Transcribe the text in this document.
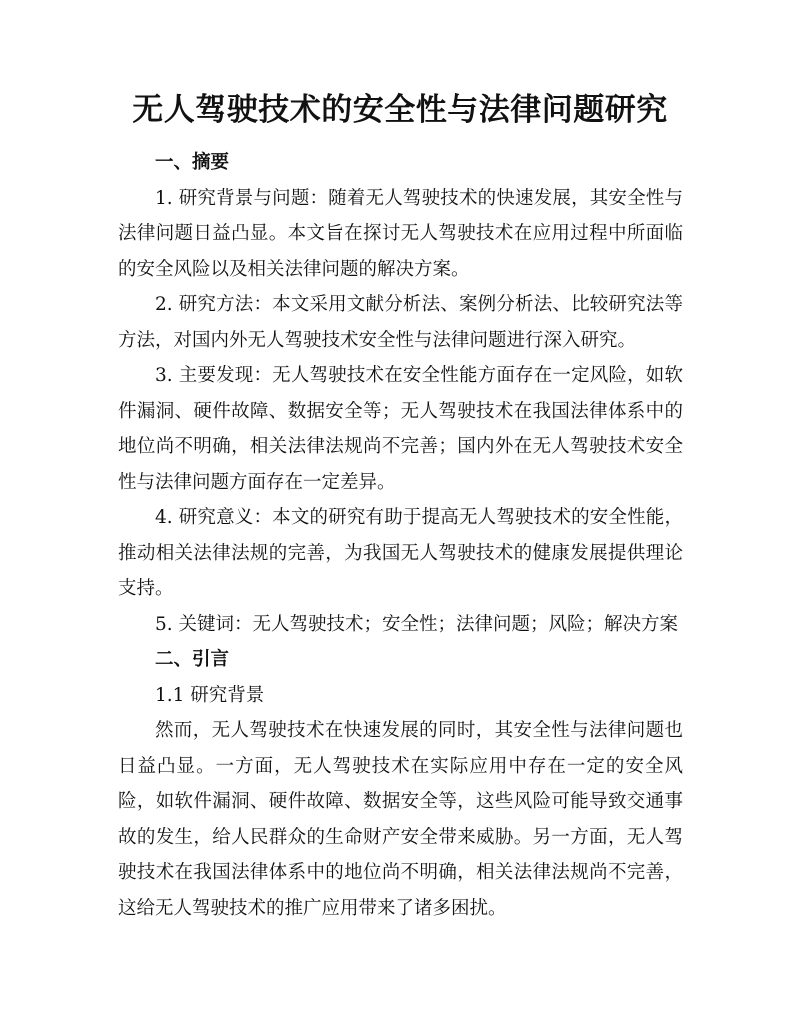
无人驾驶技术的安全性与法律问题研究

一、摘要

1. 研究背景与问题：随着无人驾驶技术的快速发展，其安全性与法律问题日益凸显。本文旨在探讨无人驾驶技术在应用过程中所面临的安全风险以及相关法律问题的解决方案。

2. 研究方法：本文采用文献分析法、案例分析法、比较研究法等方法，对国内外无人驾驶技术安全性与法律问题进行深入研究。

3. 主要发现：无人驾驶技术在安全性能方面存在一定风险，如软件漏洞、硬件故障、数据安全等；无人驾驶技术在我国法律体系中的地位尚不明确，相关法律法规尚不完善；国内外在无人驾驶技术安全性与法律问题方面存在一定差异。

4. 研究意义：本文的研究有助于提高无人驾驶技术的安全性能，推动相关法律法规的完善，为我国无人驾驶技术的健康发展提供理论支持。

5. 关键词：无人驾驶技术；安全性；法律问题；风险；解决方案

二、引言

1.1 研究背景

然而，无人驾驶技术在快速发展的同时，其安全性与法律问题也日益凸显。一方面，无人驾驶技术在实际应用中存在一定的安全风险，如软件漏洞、硬件故障、数据安全等，这些风险可能导致交通事故的发生，给人民群众的生命财产安全带来威胁。另一方面，无人驾驶技术在我国法律体系中的地位尚不明确，相关法律法规尚不完善，这给无人驾驶技术的推广应用带来了诸多困扰。
